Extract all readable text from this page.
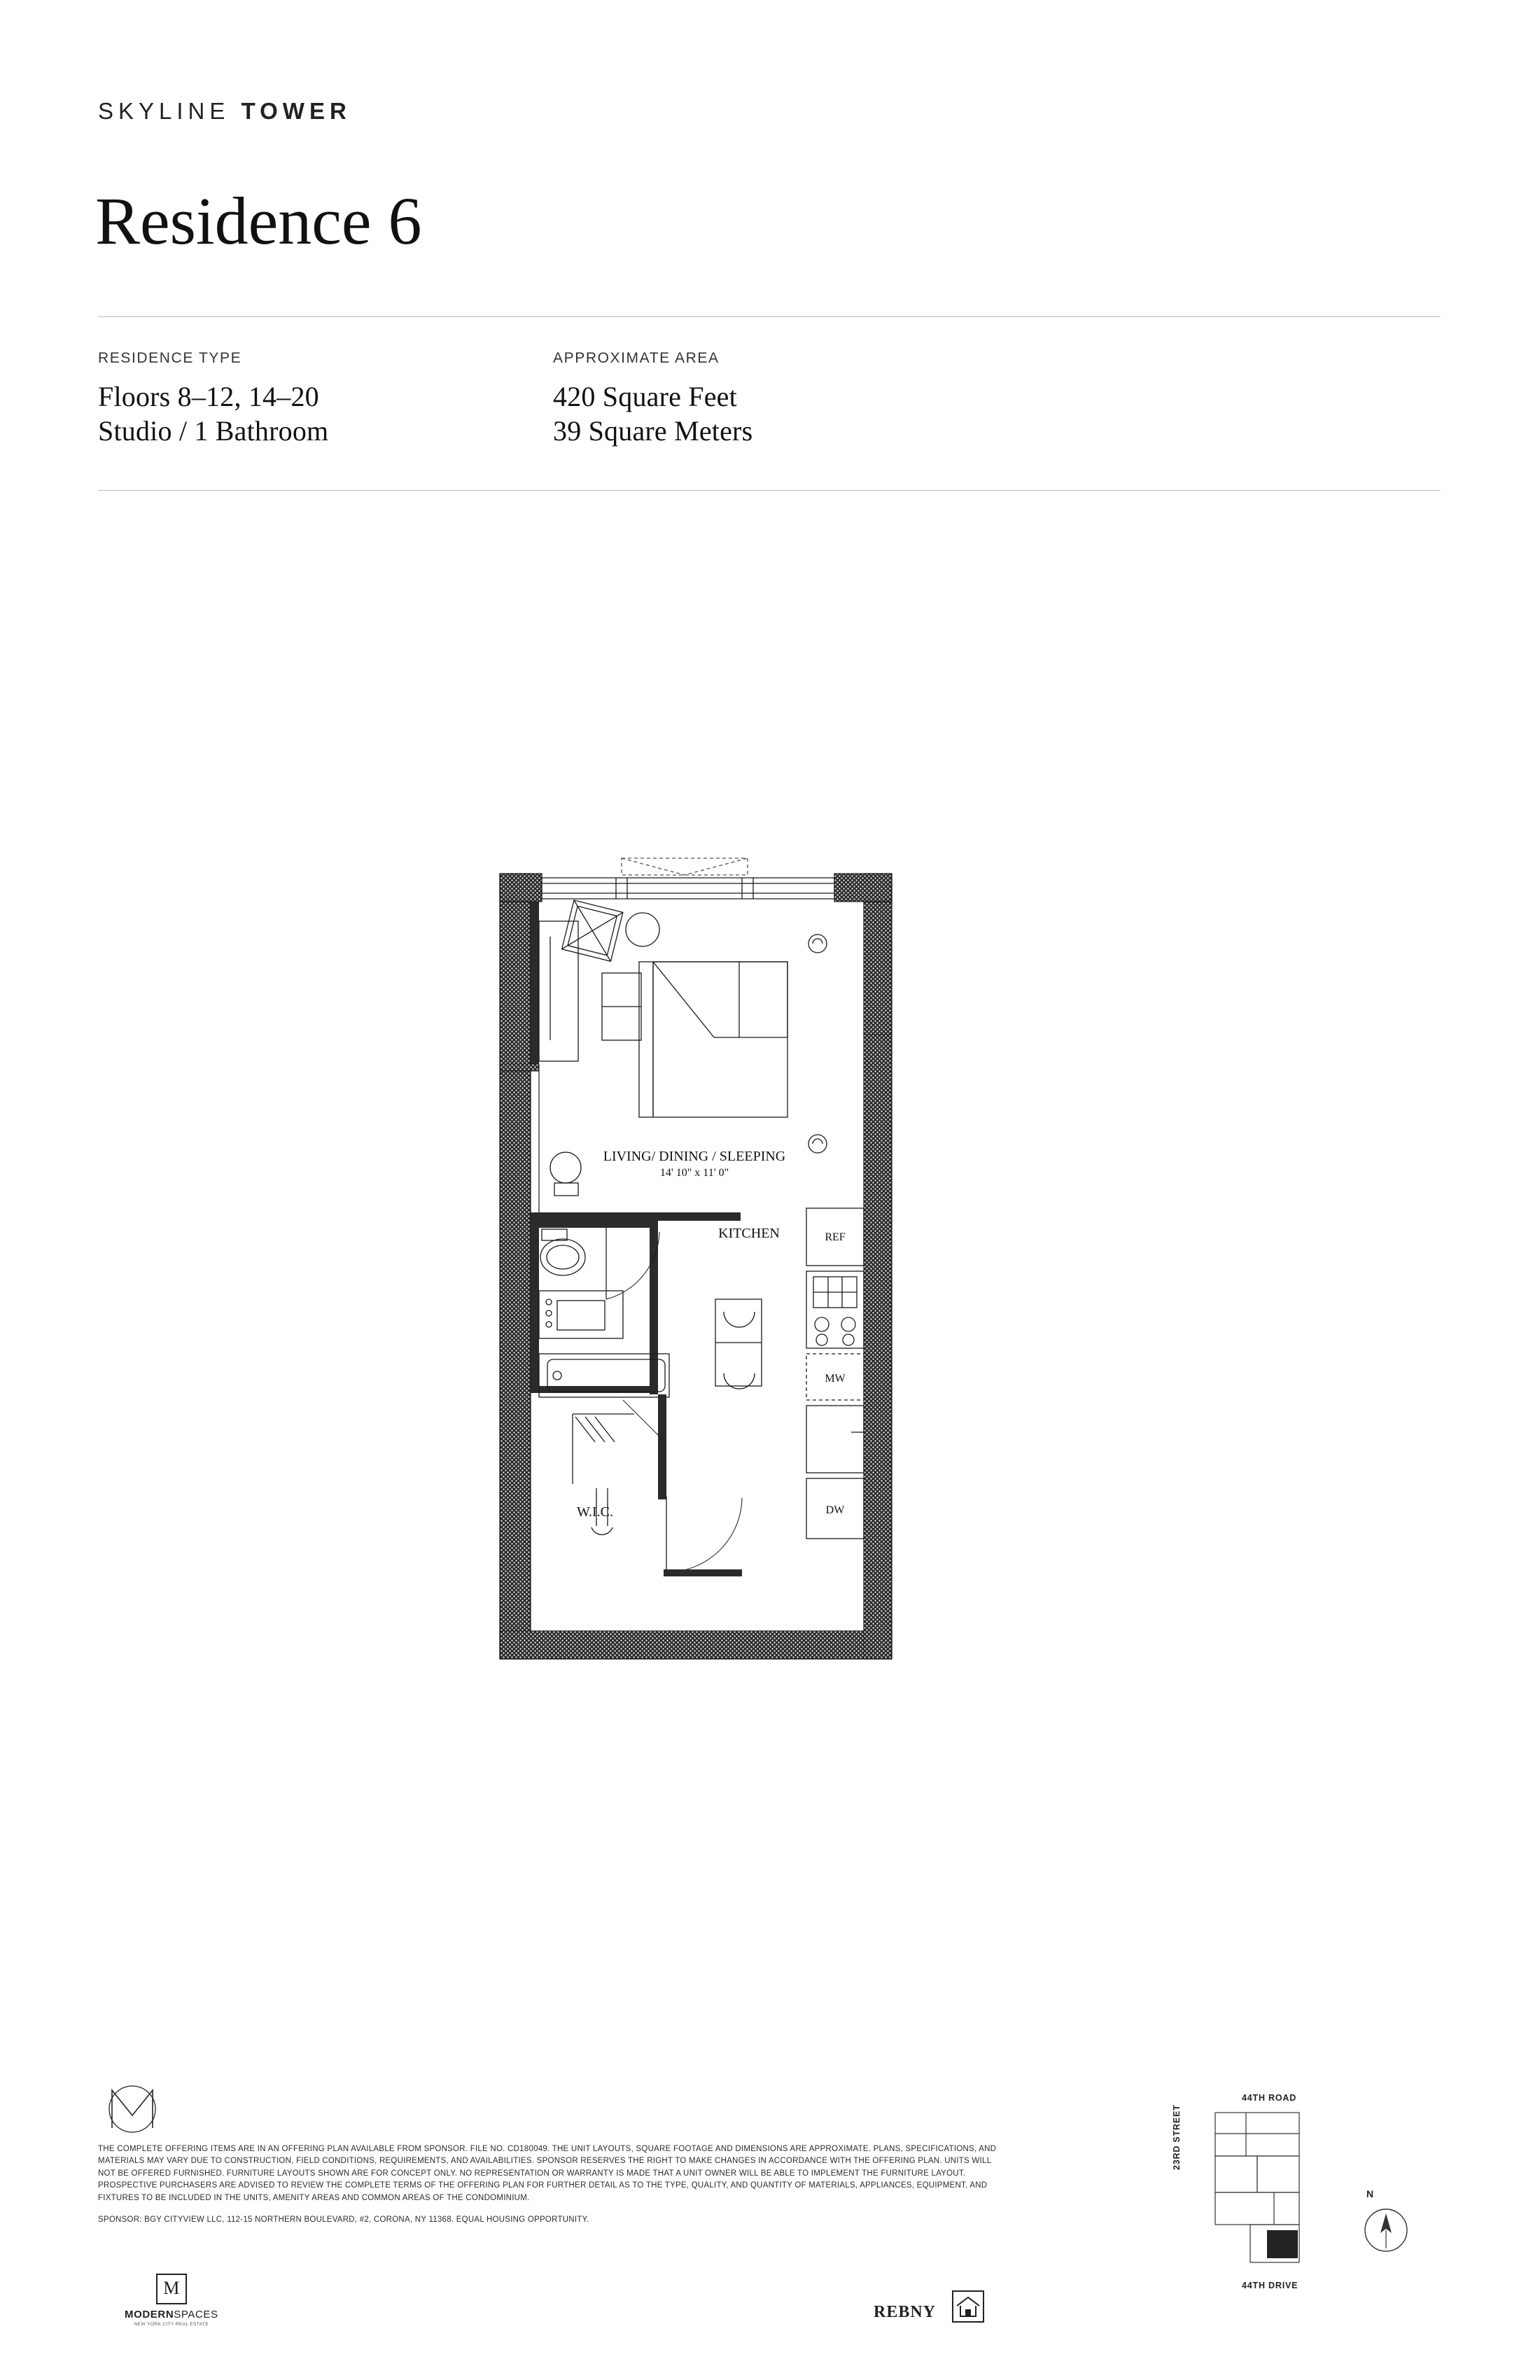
SKYLINE TOWER
Residence 6
RESIDENCE TYPE
Floors 8–12, 14–20
Studio / 1 Bathroom
APPROXIMATE AREA
420 Square Feet
39 Square Meters
LIVING/ DINING / SLEEPING
14' 10" x 11' 0"
KITCHEN
W.I.C.
REF
MW
DW

THE COMPLETE OFFERING ITEMS ARE IN AN OFFERING PLAN AVAILABLE FROM SPONSOR. FILE NO. CD180049. THE UNIT LAYOUTS, SQUARE FOOTAGE AND DIMENSIONS ARE APPROXIMATE. PLANS, SPECIFICATIONS, AND MATERIALS MAY VARY DUE TO CONSTRUCTION, FIELD CONDITIONS, REQUIREMENTS, AND AVAILABILITIES. SPONSOR RESERVES THE RIGHT TO MAKE CHANGES IN ACCORDANCE WITH THE OFFERING PLAN. UNITS WILL NOT BE OFFERED FURNISHED. FURNITURE LAYOUTS SHOWN ARE FOR CONCEPT ONLY. NO REPRESENTATION OR WARRANTY IS MADE THAT A UNIT OWNER WILL BE ABLE TO IMPLEMENT THE FURNITURE LAYOUT. PROSPECTIVE PURCHASERS ARE ADVISED TO REVIEW THE COMPLETE TERMS OF THE OFFERING PLAN FOR FURTHER DETAIL AS TO THE TYPE, QUALITY, AND QUANTITY OF MATERIALS, APPLIANCES, EQUIPMENT, AND FIXTURES TO BE INCLUDED IN THE UNITS, AMENITY AREAS AND COMMON AREAS OF THE CONDOMINIUM.

SPONSOR: BGY CITYVIEW LLC, 112-15 NORTHERN BOULEVARD, #2, CORONA, NY 11368. EQUAL HOUSING OPPORTUNITY.

M
MODERNSPACES
NEW YORK CITY REAL ESTATE
REBNY
44TH ROAD
44TH DRIVE
23RD STREET
N
